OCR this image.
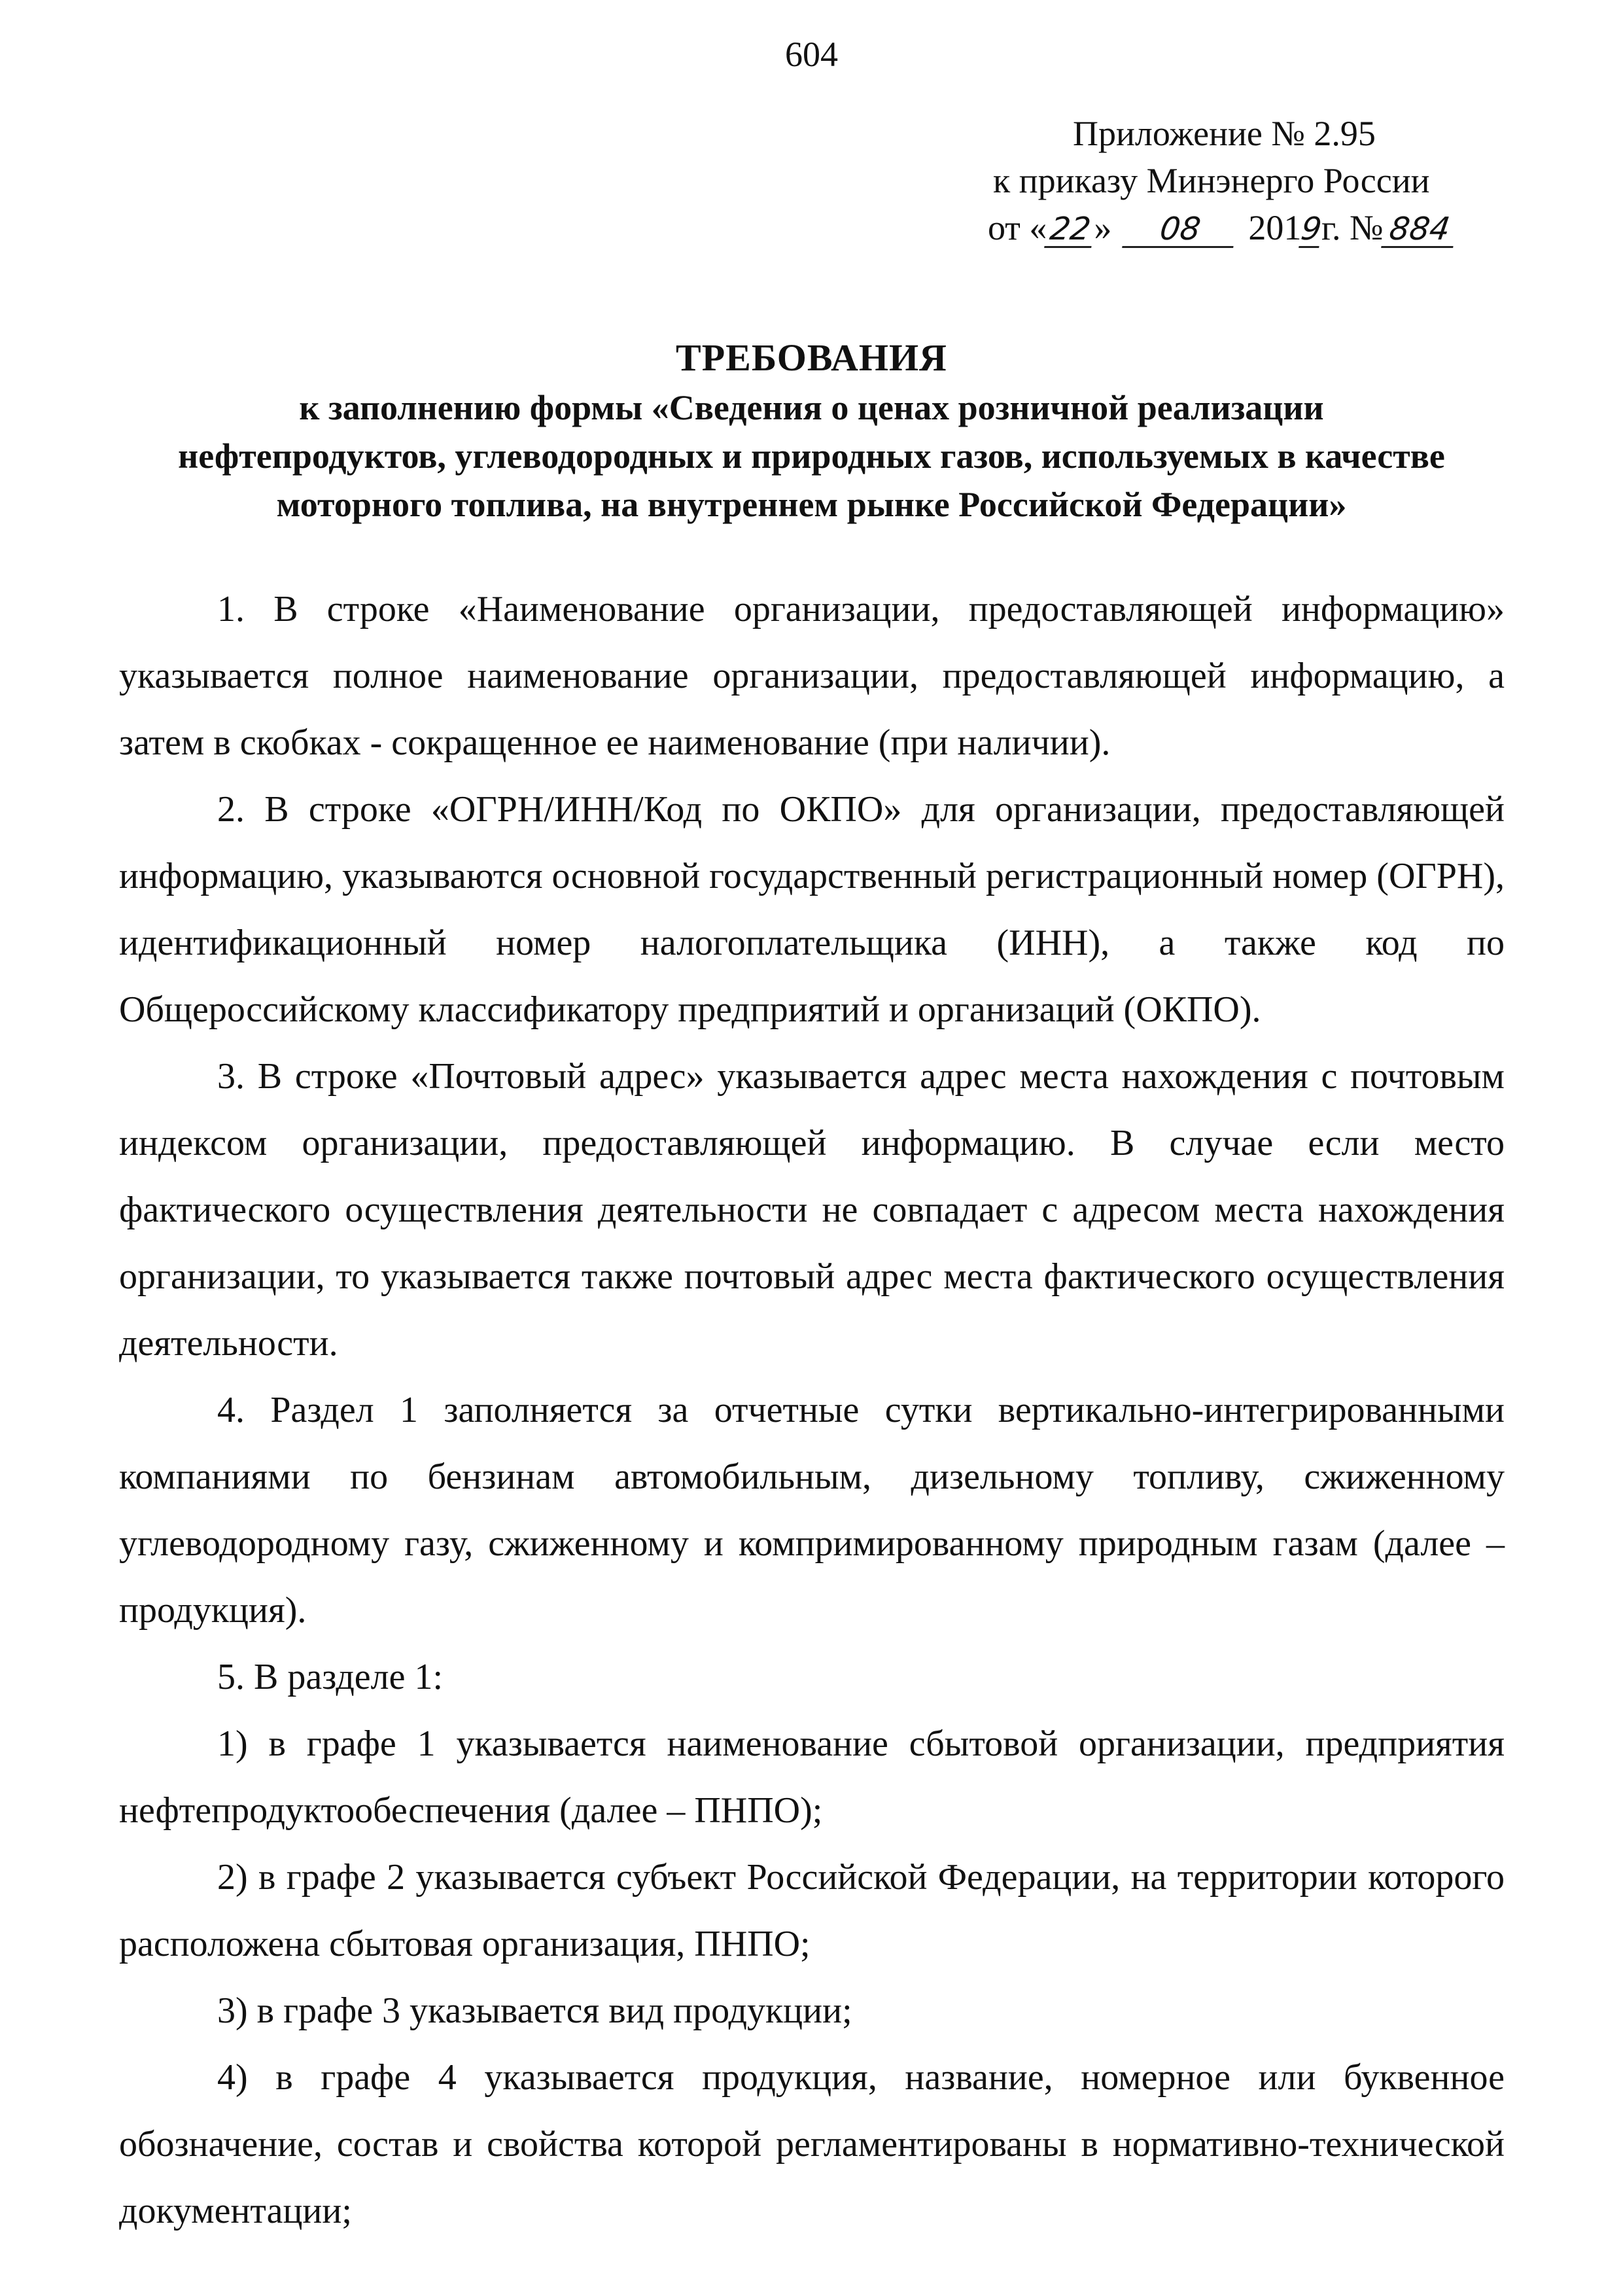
604
Приложение № 2.95
к приказу Минэнерго России
от «22» 08 2019г. № 884
ТРЕБОВАНИЯ
к заполнению формы «Сведения о ценах розничной реализации
нефтепродуктов, углеводородных и природных газов, используемых в качестве
моторного топлива, на внутреннем рынке Российской Федерации»

1. В строке «Наименование организации, предоставляющей информацию» указывается полное наименование организации, предоставляющей информацию, а затем в скобках - сокращенное ее наименование (при наличии).

2. В строке «ОГРН/ИНН/Код по ОКПО» для организации, предоставляющей информацию, указываются основной государственный регистрационный номер (ОГРН), идентификационный номер налогоплательщика (ИНН), а также код по Общероссийскому классификатору предприятий и организаций (ОКПО).

3. В строке «Почтовый адрес» указывается адрес места нахождения с почтовым индексом организации, предоставляющей информацию. В случае если место фактического осуществления деятельности не совпадает с адресом места нахождения организации, то указывается также почтовый адрес места фактического осуществления деятельности.

4. Раздел 1 заполняется за отчетные сутки вертикально-интегрированными компаниями по бензинам автомобильным, дизельному топливу, сжиженному углеводородному газу, сжиженному и компримированному природным газам (далее – продукция).

5. В разделе 1:

1) в графе 1 указывается наименование сбытовой организации, предприятия нефтепродуктообеспечения (далее – ПНПО);

2) в графе 2 указывается субъект Российской Федерации, на территории которого расположена сбытовая организация, ПНПО;

3) в графе 3 указывается вид продукции;

4) в графе 4 указывается продукция, название, номерное или буквенное обозначение, состав и свойства которой регламентированы в нормативно-технической документации;
